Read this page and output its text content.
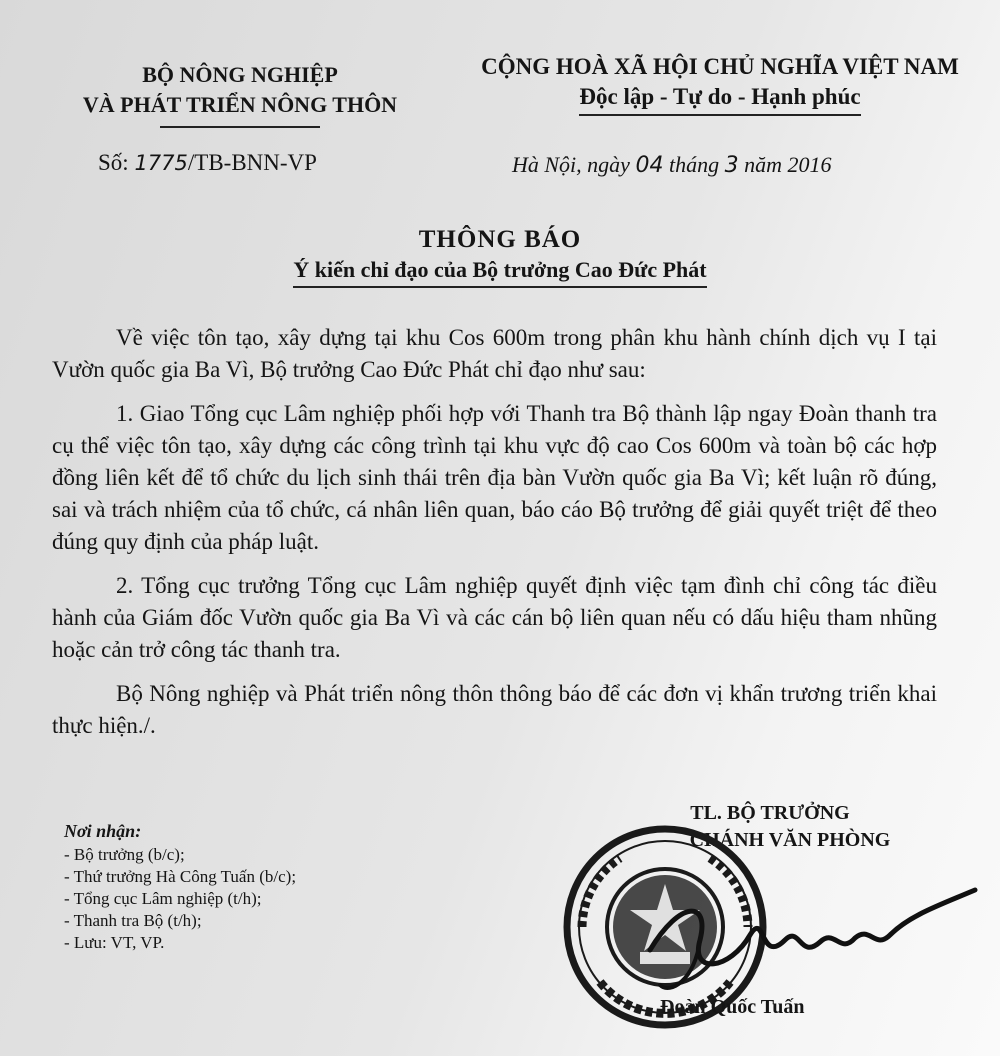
BỘ NÔNG NGHIỆP
VÀ PHÁT TRIỂN NÔNG THÔN
CỘNG HOÀ XÃ HỘI CHỦ NGHĨA VIỆT NAM
Độc lập - Tự do - Hạnh phúc
Số: 1775/TB-BNN-VP	Hà Nội, ngày 04 tháng 3 năm 2016
THÔNG BÁO
Ý kiến chỉ đạo của Bộ trưởng Cao Đức Phát

Về việc tôn tạo, xây dựng tại khu Cos 600m trong phân khu hành chính dịch vụ I tại Vườn quốc gia Ba Vì, Bộ trưởng Cao Đức Phát chỉ đạo như sau:

1. Giao Tổng cục Lâm nghiệp phối hợp với Thanh tra Bộ thành lập ngay Đoàn thanh tra cụ thể việc tôn tạo, xây dựng các công trình tại khu vực độ cao Cos 600m và toàn bộ các hợp đồng liên kết để tổ chức du lịch sinh thái trên địa bàn Vườn quốc gia Ba Vì; kết luận rõ đúng, sai và trách nhiệm của tổ chức, cá nhân liên quan, báo cáo Bộ trưởng để giải quyết triệt để theo đúng quy định của pháp luật.

2. Tổng cục trưởng Tổng cục Lâm nghiệp quyết định việc tạm đình chỉ công tác điều hành của Giám đốc Vườn quốc gia Ba Vì và các cán bộ liên quan nếu có dấu hiệu tham nhũng hoặc cản trở công tác thanh tra.

Bộ Nông nghiệp và Phát triển nông thôn thông báo để các đơn vị khẩn trương triển khai thực hiện./.

Nơi nhận:
- Bộ trưởng (b/c);
- Thứ trưởng Hà Công Tuấn (b/c);
- Tổng cục Lâm nghiệp (t/h);
- Thanh tra Bộ (t/h);
- Lưu: VT, VP.
TL. BỘ TRƯỞNG
CHÁNH VĂN PHÒNG
Đoàn Quốc Tuấn
